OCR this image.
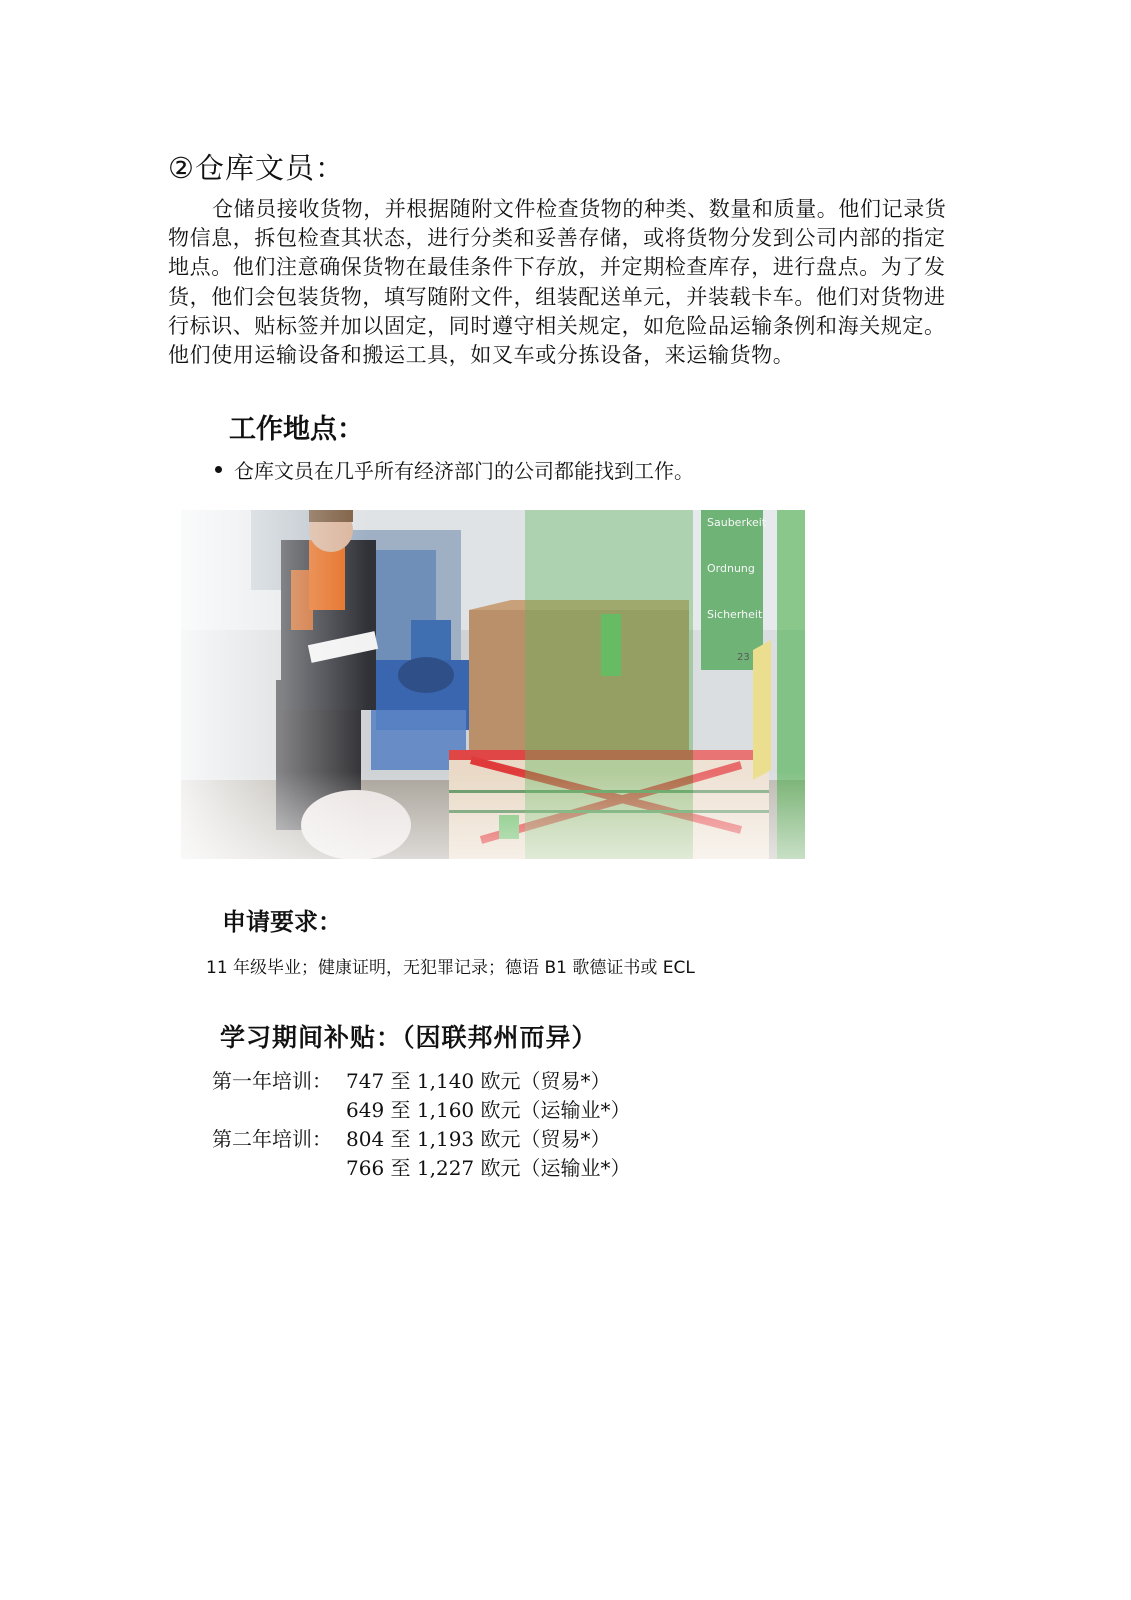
②仓库文员：

仓储员接收货物，并根据随附文件检查货物的种类、数量和质量。他们记录货物信息，拆包检查其状态，进行分类和妥善存储，或将货物分发到公司内部的指定地点。他们注意确保货物在最佳条件下存放，并定期检查库存，进行盘点。为了发货，他们会包装货物，填写随附文件，组装配送单元，并装载卡车。他们对货物进行标识、贴标签并加以固定，同时遵守相关规定，如危险品运输条例和海关规定。他们使用运输设备和搬运工具，如叉车或分拣设备，来运输货物。

工作地点：
仓库文员在几乎所有经济部门的公司都能找到工作。
申请要求：

11 年级毕业；健康证明，无犯罪记录；德语 B1 歌德证书或 ECL

学习期间补贴：（因联邦州而异）
第一年培训：	747 至 1,140 欧元（贸易*）
	649 至 1,160 欧元（运输业*）
第二年培训：	804 至 1,193 欧元（贸易*）
	766 至 1,227 欧元（运输业*）
